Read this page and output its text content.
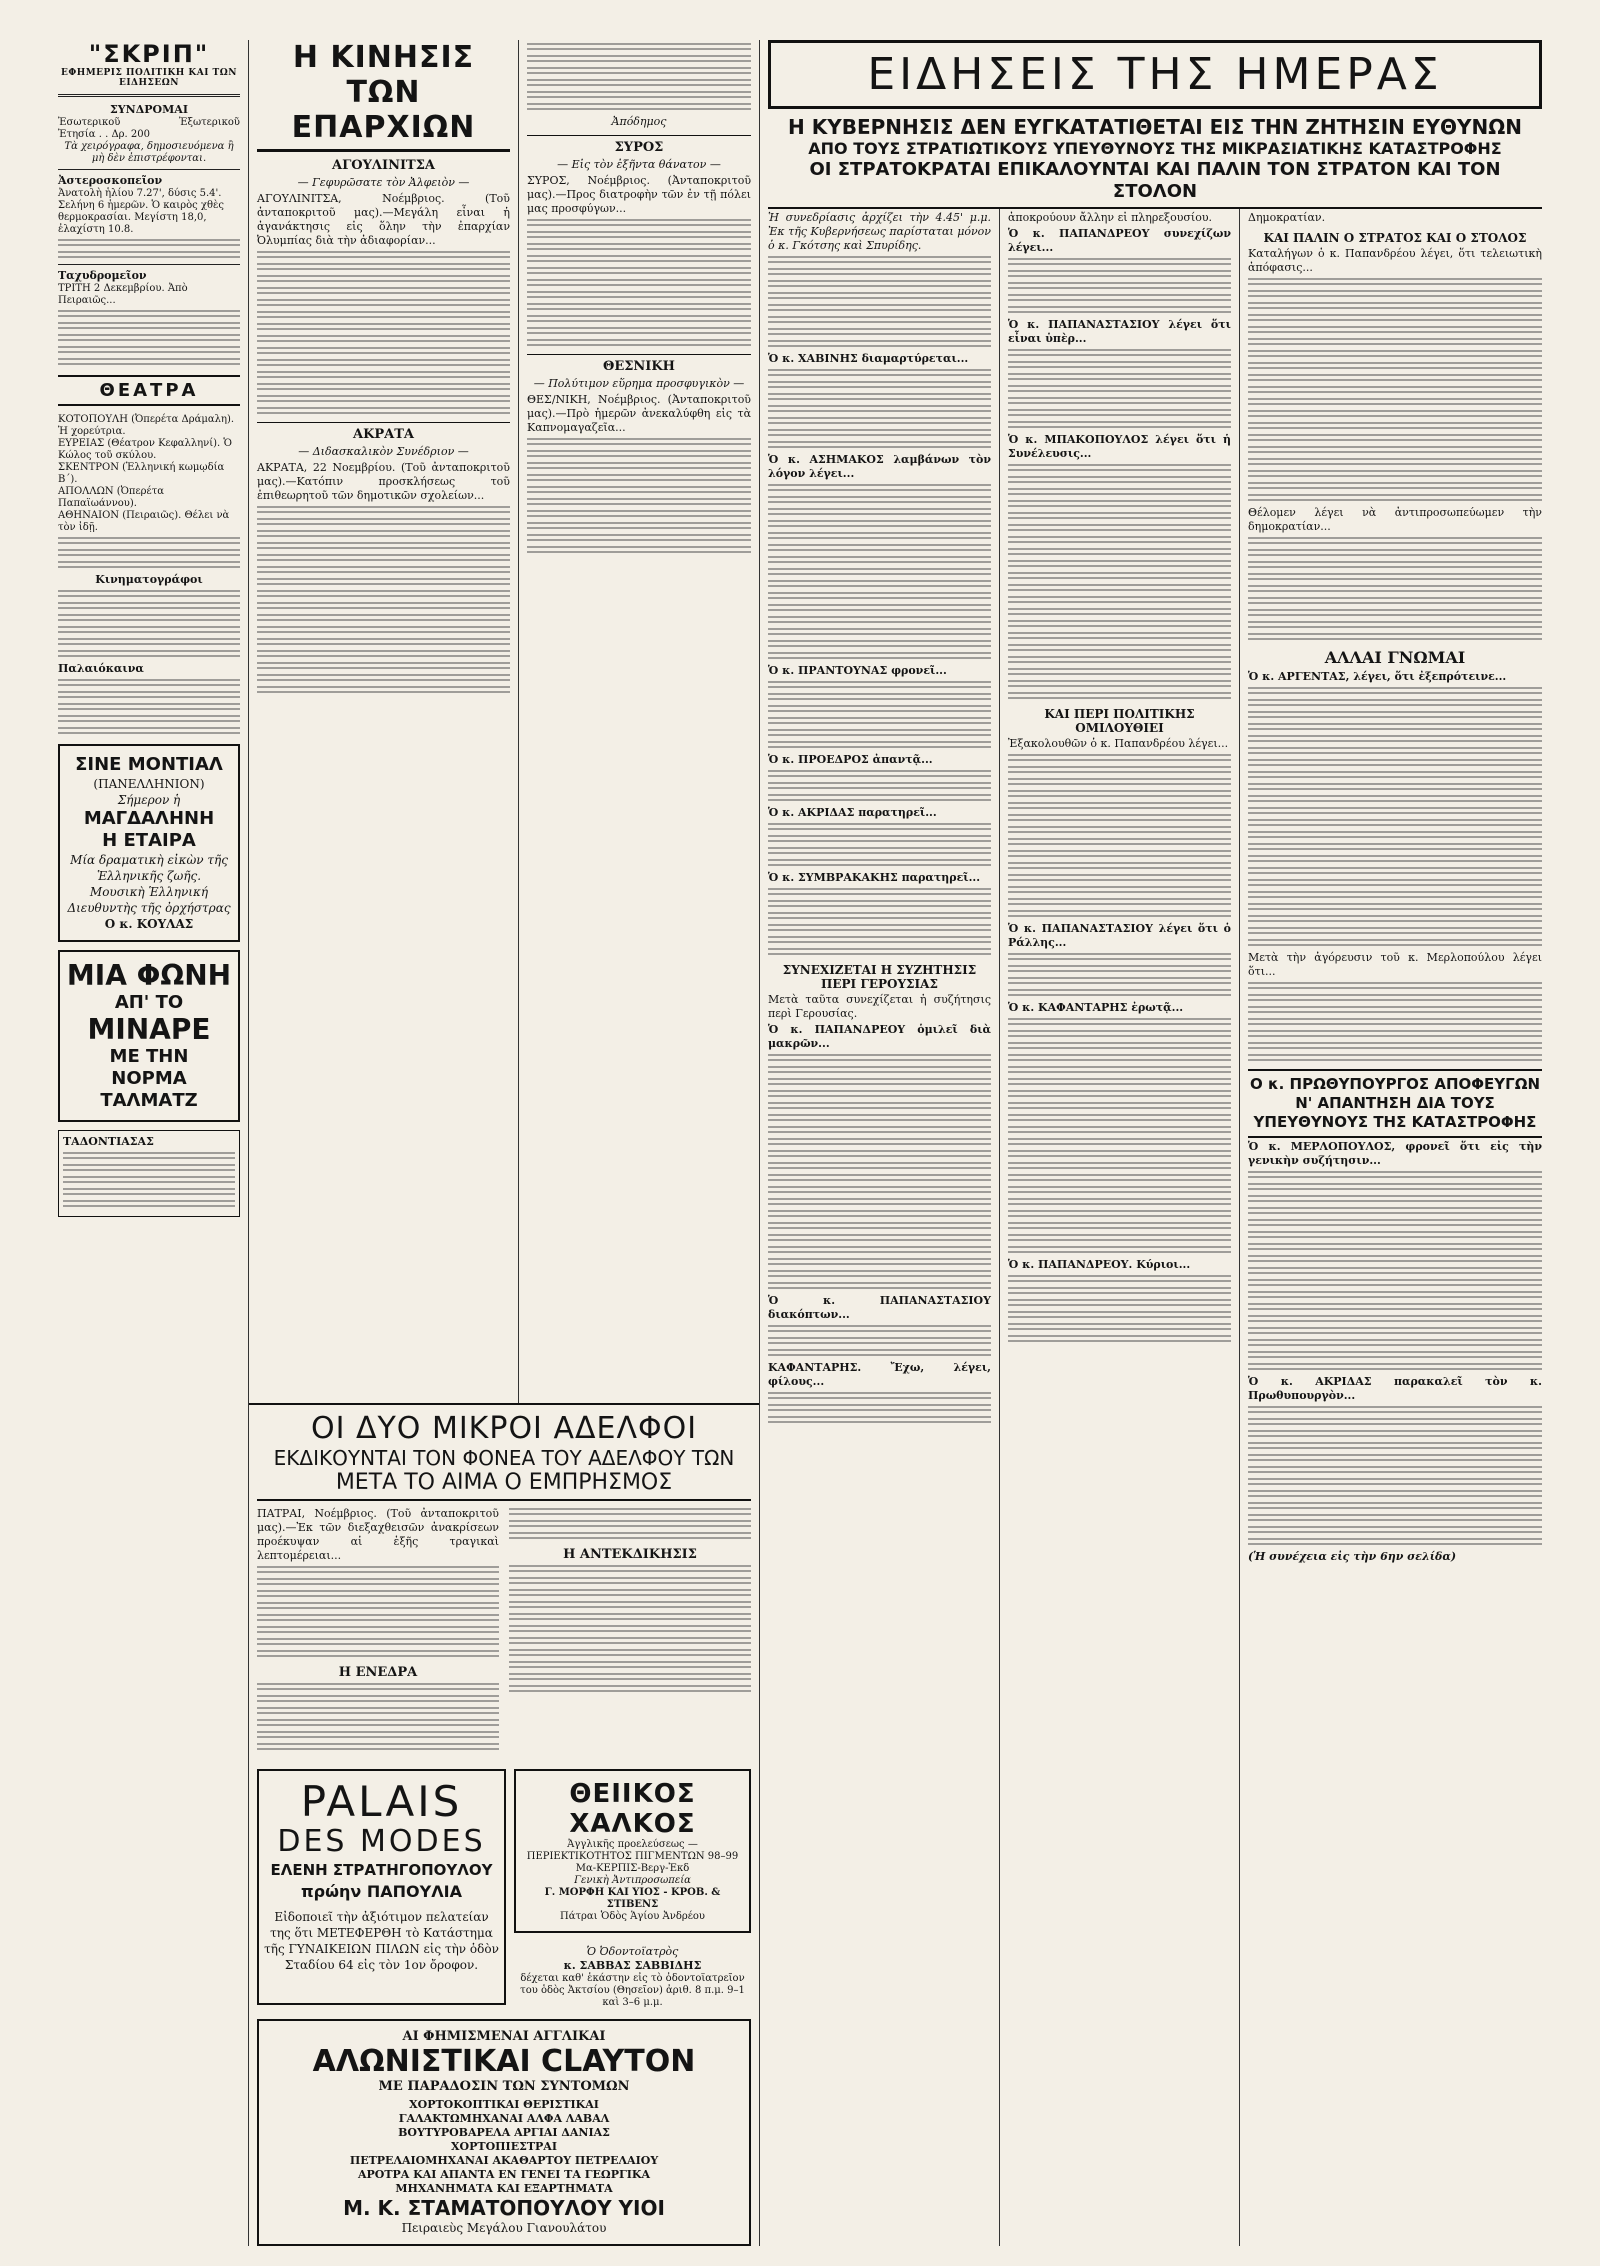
"ΣΚΡΙΠ"
ΕΦΗΜΕΡΙΣ ΠΟΛΙΤΙΚΗ ΚΑΙ ΤΩΝ ΕΙΔΗΣΕΩΝ
ΣΥΝΔΡΟΜΑΙ
Ἐσωτερικοῦ	Ἐξωτερικοῦ
Ἐτησία . . Δρ. 200
Τὰ χειρόγραφα, δημοσιευόμενα ἢ μὴ δὲν ἐπιστρέφονται.
Ἀστεροσκοπεῖον
Ἀνατολὴ ἡλίου 7.27', δύσις 5.4'. Σελήνη 6 ἡμερῶν. Ὁ καιρὸς χθὲς θερμοκρασίαι. Μεγίστη 18,0, ἐλαχίστη 10.8.
Ταχυδρομεῖον
ΤΡΙΤΗ 2 Δεκεμβρίου. Ἀπὸ Πειραιῶς...
ΘΕΑΤΡΑ
ΚΟΤΟΠΟΥΛΗ (Ὀπερέτα Δράμαλη). Ἡ χορεύτρια.
ΕΥΡΕΙΑΣ (Θέατρον Κεφαλληνί). Ὁ Κώλος τοῦ σκύλου.
ΣΚΕΝΤΡΟΝ (Ἑλληνική κωμῳδία Β΄).
ΑΠΟΛΛΩΝ (Ὀπερέτα Παπαϊωάννου).
ΑΘΗΝΑΙΟΝ (Πειραιῶς). Θέλει νὰ τὸν ἰδῇ.
Κινηματογράφοι
Παλαιόκαινα
ΣΙΝΕ ΜΟΝΤΙΑΛ
(ΠΑΝΕΛΛΗΝΙΟΝ)
Σήμερον ἡ
ΜΑΓΔΑΛΗΝΗ
Η ΕΤΑΙΡΑ
Μία δραματικὴ εἰκὼν τῆς Ἑλληνικῆς ζωῆς.
Μουσικὴ Ἑλληνική
Διευθυντὴς τῆς ὀρχήστρας
Ο κ. ΚΟΥΛΑΣ
ΜΙΑ ΦΩΝΗ
ΑΠ' ΤΟ
ΜΙΝΑΡΕ
ΜΕ ΤΗΝ
ΝΟΡΜΑ ΤΑΛΜΑΤΖ
ΤΑΔΟΝΤΙΑΣΑΣ
Η ΚΙΝΗΣΙΣ ΤΩΝ ΕΠΑΡΧΙΩΝ
ΑΓΟΥΛΙΝΙΤΣΑ
— Γεφυρῶσατε τὸν Ἀλφειὸν —
ΑΓΟΥΛΙΝΙΤΣΑ, Νοέμβριος. (Τοῦ ἀνταποκριτοῦ μας).—Μεγάλη εἶναι ἡ ἀγανάκτησις εἰς ὅλην τὴν ἐπαρχίαν Ὀλυμπίας διὰ τὴν ἀδιαφορίαν...
ΑΚΡΑΤΑ
— Διδασκαλικὸν Συνέδριον —
ΑΚΡΑΤΑ, 22 Νοεμβρίου. (Τοῦ ἀνταποκριτοῦ μας).—Κατόπιν προσκλήσεως τοῦ ἐπιθεωρητοῦ τῶν δημοτικῶν σχολείων...
Ἀπόδημος
ΣΥΡΟΣ
— Εἰς τὸν ἐξῆντα θάνατον —
ΣΥΡΟΣ, Νοέμβριος. (Ἀνταποκριτοῦ μας).—Προς διατροφὴν τῶν ἐν τῇ πόλει μας προσφύγων...
ΘΕΣΝΙΚΗ
— Πολύτιμον εὕρημα προσφυγικὸν —
ΘΕΣ/ΝΙΚΗ, Νοέμβριος. (Ἀνταποκριτοῦ μας).—Πρὸ ἡμερῶν ἀνεκαλύφθη εἰς τὰ Καπνομαγαζεῖα...
ΟΙ ΔΥΟ ΜΙΚΡΟΙ ΑΔΕΛΦΟΙ
ΕΚΔΙΚΟΥΝΤΑΙ ΤΟΝ ΦΟΝΕΑ ΤΟΥ ΑΔΕΛΦΟΥ ΤΩΝ
ΜΕΤΑ ΤΟ ΑΙΜΑ Ο ΕΜΠΡΗΣΜΟΣ
ΠΑΤΡΑΙ, Νοέμβριος. (Τοῦ ἀνταποκριτοῦ μας).—Ἐκ τῶν διεξαχθεισῶν ἀνακρίσεων προέκυψαν αἱ ἑξῆς τραγικαὶ λεπτομέρειαι...
Η ΕΝΕΔΡΑ
Η ΑΝΤΕΚΔΙΚΗΣΙΣ
PALAIS
DES MODES
ΕΛΕΝΗ ΣΤΡΑΤΗΓΟΠΟΥΛΟΥ
πρώην ΠΑΠΟΥΛΙΑ
Εἰδοποιεῖ τὴν ἀξιότιμον πελατείαν της ὅτι ΜΕΤΕΦΕΡΘΗ τὸ Κατάστημα τῆς ΓΥΝΑΙΚΕΙΩΝ ΠΙΛΩΝ εἰς τὴν ὁδὸν Σταδίου 64 εἰς τὸν 1ον ὄροφον.
ΘΕΙΙΚΟΣ ΧΑΛΚΟΣ
Ἀγγλικῆς προελεύσεως —ΠΕΡΙΕΚΤΙΚΟΤΗΤΟΣ ΠΙΓΜΕΝΤΩΝ 98–99
Μα-ΚΕΡΠΙΣ-Βεργ-Ἐκδ
Γενικὴ Ἀντιπροσωπεία
Γ. ΜΟΡΦΗ ΚΑΙ ΥΙΟΣ - ΚΡΟΒ. & ΣΤΙΒΕΝΣ
Πάτραι Ὁδὸς Ἁγίου Ἀνδρέου
Ὁ Ὀδοντοϊατρὸς
κ. ΣΑΒΒΑΣ ΣΑΒΒΙΔΗΣ
δέχεται καθ' ἑκάστην εἰς τὸ ὀδοντοϊατρεῖον του ὁδὸς Ἀκτσίου (Θησεῖον) ἀριθ. 8 π.μ. 9–1 καὶ 3–6 μ.μ.
ΑΙ ΦΗΜΙΣΜΕΝΑΙ ΑΓΓΛΙΚΑΙ
ΑΛΩΝΙΣΤΙΚΑΙ CLAYTON
ΜΕ ΠΑΡΑΔΟΣΙΝ ΤΩΝ ΣΥΝΤΟΜΩΝ
ΧΟΡΤΟΚΟΠΤΙΚΑΙ ΘΕΡΙΣΤΙΚΑΙ
ΓΑΛΑΚΤΩΜΗΧΑΝΑΙ ΑΛΦΑ ΛΑΒΑΛ
ΒΟΥΤΥΡΟΒΑΡΕΛΑ ΑΡΓΙΑΙ ΔΑΝΙΑΣ
ΧΟΡΤΟΠΙΕΣΤΡΑΙ
ΠΕΤΡΕΛΑΙΟΜΗΧΑΝΑΙ ΑΚΑΘΑΡΤΟΥ ΠΕΤΡΕΛΑΙΟΥ
ΑΡΟΤΡΑ ΚΑΙ ΑΠΑΝΤΑ ΕΝ ΓΕΝΕΙ ΤΑ ΓΕΩΡΓΙΚΑ
ΜΗΧΑΝΗΜΑΤΑ ΚΑΙ ΕΞΑΡΤΗΜΑΤΑ
Μ. Κ. ΣΤΑΜΑΤΟΠΟΥΛΟΥ ΥΙΟΙ
Πειραιεὺς Μεγάλου Γιανουλάτου
ΕΙΔΗΣΕΙΣ ΤΗΣ ΗΜΕΡΑΣ
Η ΚΥΒΕΡΝΗΣΙΣ ΔΕΝ ΕΥΓΚΑΤΑΤΙΘΕΤΑΙ ΕΙΣ ΤΗΝ ΖΗΤΗΣΙΝ ΕΥΘΥΝΩΝ
ΑΠΟ ΤΟΥΣ ΣΤΡΑΤΙΩΤΙΚΟΥΣ ΥΠΕΥΘΥΝΟΥΣ ΤΗΣ ΜΙΚΡΑΣΙΑΤΙΚΗΣ ΚΑΤΑΣΤΡΟΦΗΣ
ΟΙ ΣΤΡΑΤΟΚΡΑΤΑΙ ΕΠΙΚΑΛΟΥΝΤΑΙ ΚΑΙ ΠΑΛΙΝ ΤΟΝ ΣΤΡΑΤΟΝ ΚΑΙ ΤΟΝ ΣΤΟΛΟΝ
Ἡ συνεδρίασις ἀρχίζει τὴν 4.45' μ.μ. Ἐκ τῆς Κυβερνήσεως παρίσταται μόνον ὁ κ. Γκότσης καὶ Σπυρίδης.
Ὁ κ. ΧΑΒΙΝΗΣ διαμαρτύρεται...
Ὁ κ. ΑΣΗΜΑΚΟΣ λαμβάνων τὸν λόγον λέγει...
Ὁ κ. ΠΡΑΝΤΟΥΝΑΣ φρονεῖ...
Ὁ κ. ΠΡΟΕΔΡΟΣ ἀπαντᾷ...
Ὁ κ. ΑΚΡΙΔΑΣ παρατηρεῖ...
Ὁ κ. ΣΥΜΒΡΑΚΑΚΗΣ παρατηρεῖ...
ΣΥΝΕΧΙΖΕΤΑΙ Η ΣΥΖΗΤΗΣΙΣ ΠΕΡΙ ΓΕΡΟΥΣΙΑΣ
Μετὰ ταῦτα συνεχίζεται ἡ συζήτησις περὶ Γερουσίας.
Ὁ κ. ΠΑΠΑΝΔΡΕΟΥ ὁμιλεῖ διὰ μακρῶν...
Ὁ κ. ΠΑΠΑΝΑΣΤΑΣΙΟΥ διακόπτων...
ΚΑΦΑΝΤΑΡΗΣ. Ἔχω, λέγει, φίλους...
ἀποκρούουν ἄλλην εἰ πληρεξουσίου.
Ὁ κ. ΠΑΠΑΝΔΡΕΟΥ συνεχίζων λέγει...
Ὁ κ. ΠΑΠΑΝΑΣΤΑΣΙΟΥ λέγει ὅτι εἶναι ὑπὲρ...
Ὁ κ. ΜΠΑΚΟΠΟΥΛΟΣ λέγει ὅτι ἡ Συνέλευσις...
ΚΑΙ ΠΕΡΙ ΠΟΛΙΤΙΚΗΣ ΟΜΙΛΟΥΘΙΕΙ
Ἐξακολουθῶν ὁ κ. Παπανδρέου λέγει...
Ὁ κ. ΠΑΠΑΝΑΣΤΑΣΙΟΥ λέγει ὅτι ὁ Ράλλης...
Ὁ κ. ΚΑΦΑΝΤΑΡΗΣ ἐρωτᾷ...
Ὁ κ. ΠΑΠΑΝΔΡΕΟΥ. Κύριοι...
Δημοκρατίαν.
ΚΑΙ ΠΑΛΙΝ Ο ΣΤΡΑΤΟΣ ΚΑΙ Ο ΣΤΟΛΟΣ
Καταλήγων ὁ κ. Παπανδρέου λέγει, ὅτι τελειωτικὴ ἀπόφασις...
Θέλομεν λέγει νὰ ἀντιπροσωπεύωμεν τὴν δημοκρατίαν...
ΑΛΛΑΙ ΓΝΩΜΑΙ
Ὁ κ. ΑΡΓΕΝΤΑΣ, λέγει, ὅτι ἐξεπρότεινε...
Μετὰ τὴν ἀγόρευσιν τοῦ κ. Μερλοπούλου λέγει ὅτι...
Ο κ. ΠΡΩΘΥΠΟΥΡΓΟΣ ΑΠΟΦΕΥΓΩΝ Ν' ΑΠΑΝΤΗΣΗ ΔΙΑ ΤΟΥΣ ΥΠΕΥΘΥΝΟΥΣ ΤΗΣ ΚΑΤΑΣΤΡΟΦΗΣ
Ὁ κ. ΜΕΡΛΟΠΟΥΛΟΣ, φρονεῖ ὅτι εἰς τὴν γενικὴν συζήτησιν...
Ὁ κ. ΑΚΡΙΔΑΣ παρακαλεῖ τὸν κ. Πρωθυπουργὸν...
(Ἡ συνέχεια εἰς τὴν 6ην σελίδα)
